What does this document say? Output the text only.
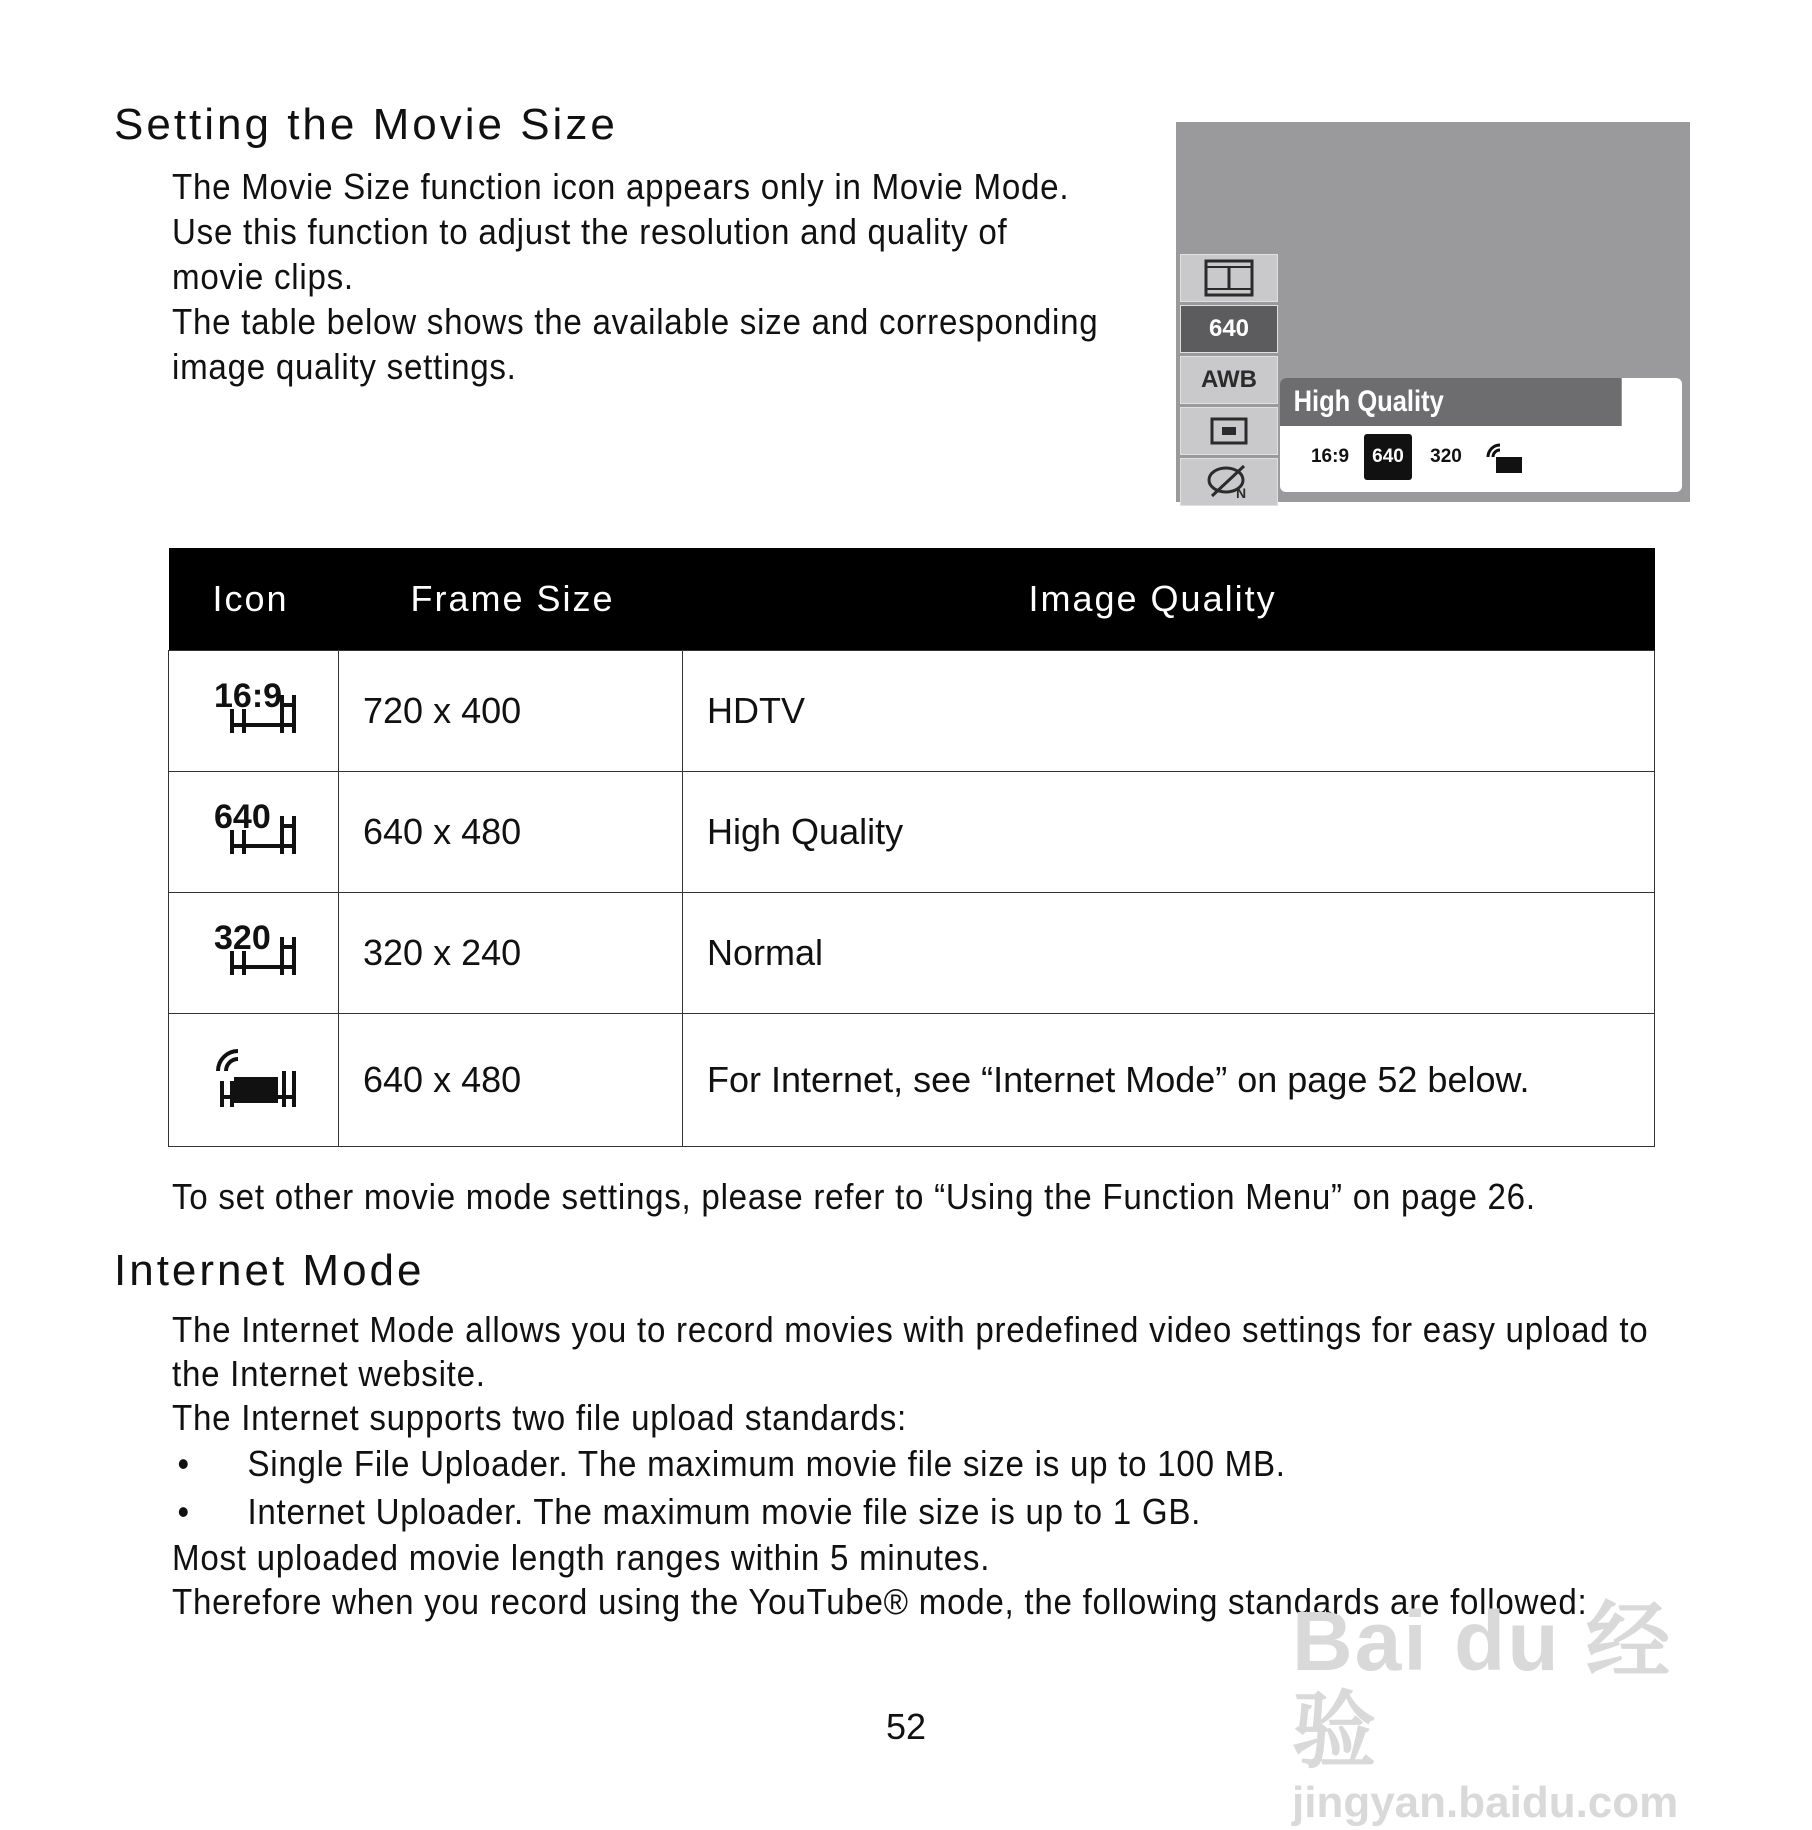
Setting the Movie Size

The Movie Size function icon appears only in Movie Mode.

Use this function to adjust the resolution and quality of

movie clips.

The table below shows the available size and corresponding

image quality settings.

640
AWB
N
High Quality
16:9	640	320
Icon	Frame Size	Image Quality

16:9	720 x 400	HDTV

640	640 x 480	High Quality

320	320 x 240	Normal
	640 x 480	For Internet, see “Internet Mode” on page 52 below.

To set other movie mode settings, please refer to “Using the Function Menu” on page 26.

Internet Mode

The Internet Mode allows you to record movies with predefined video settings for easy upload to

the Internet website.

The Internet supports two file upload standards:

• Single File Uploader. The maximum movie file size is up to 100 MB.
• Internet Uploader. The maximum movie file size is up to 1 GB.

Most uploaded movie length ranges within 5 minutes.

Therefore when you record using the YouTube® mode, the following standards are followed:

52
Bai du 经验
jingyan.baidu.com
